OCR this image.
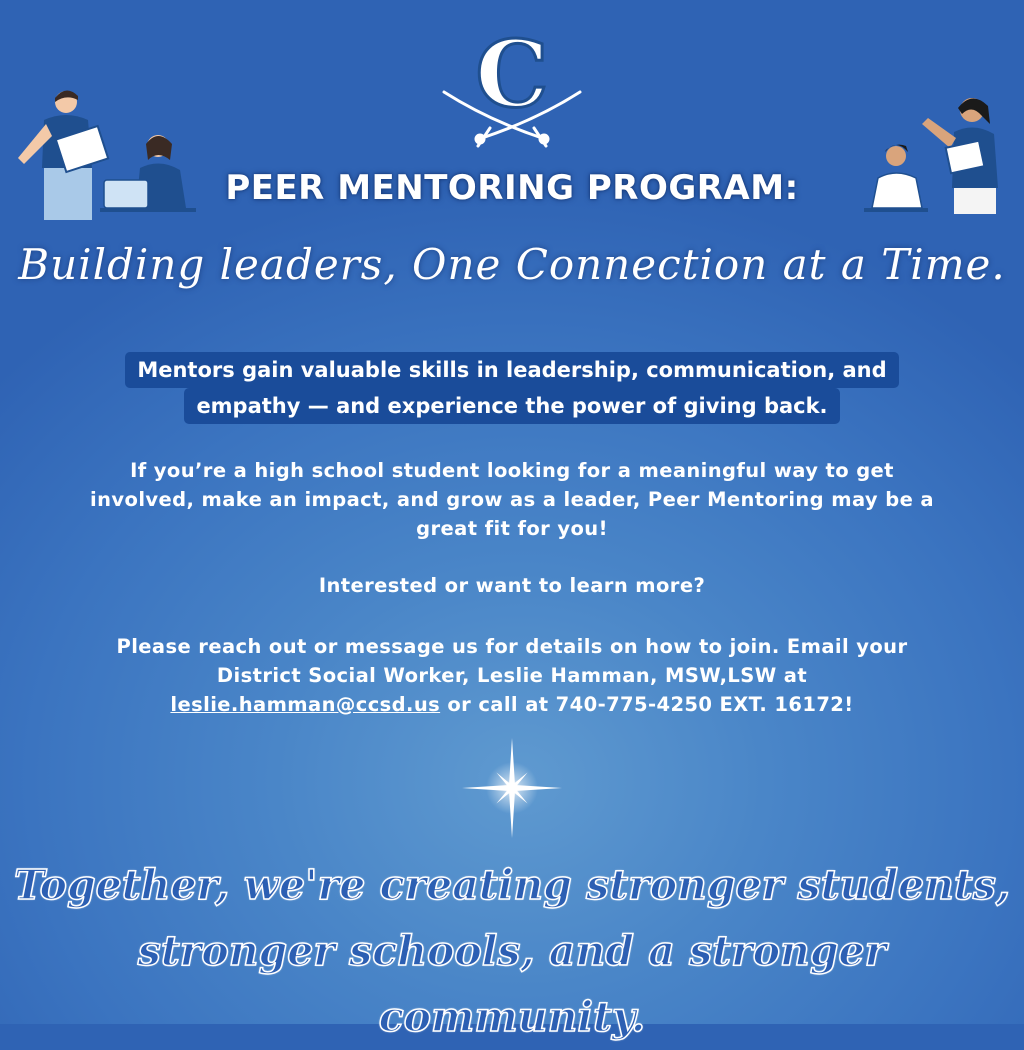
C
PEER MENTORING PROGRAM:
Building leaders, One Connection at a Time.
Mentors gain valuable skills in leadership, communication, and
empathy — and experience the power of giving back.
If you’re a high school student looking for a meaningful way to get
involved, make an impact, and grow as a leader, Peer Mentoring may be a
great fit for you!
Interested or want to learn more?
Please reach out or message us for details on how to join. Email your
District Social Worker, Leslie Hamman, MSW,LSW at
leslie.hamman@ccsd.us or call at 740-775-4250 EXT. 16172!
Together, we're creating stronger students,
stronger schools, and a stronger community.
